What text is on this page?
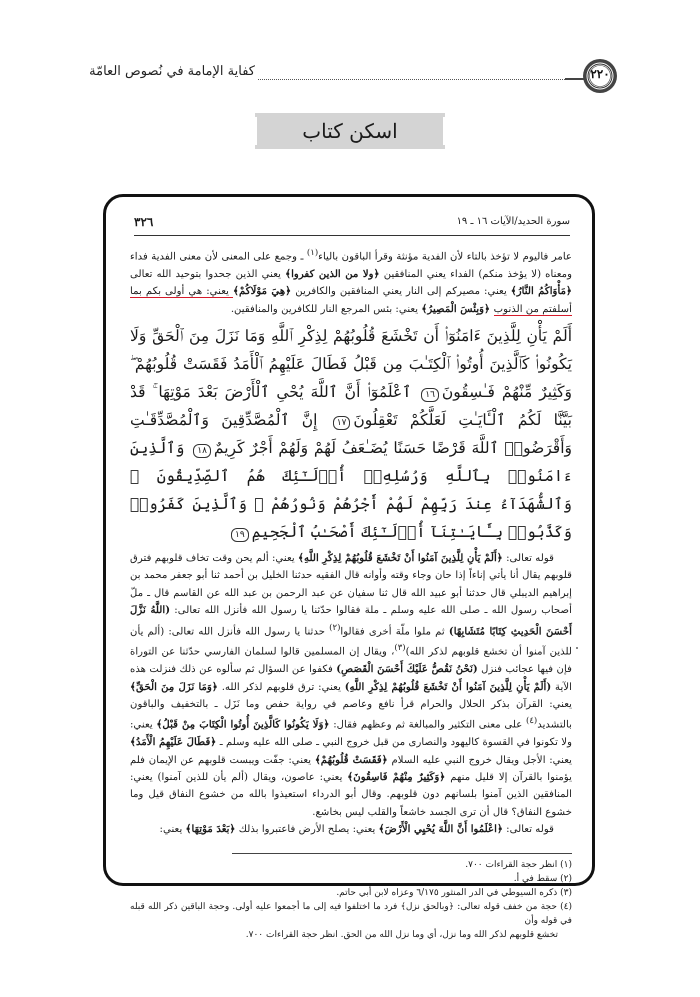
كفاية الإمامة في نُصوص العامّة	٢٢٠
اسكن كتاب
٣٢٦	سورة الحديد/الآيات ١٦ ـ ١٩

عامر فاليوم لا تؤخذ بالتاء لأن الفدية مؤنثة وقرأ الباقون بالياء$^{(١)}$ ـ وجمع على المعنى لأن معنى الفدية فداء ومعناه (لا يؤخذ منكم) الفداء يعني المنافقين ﴿ولا من الذين كفروا﴾ يعني الذين جحدوا بتوحيد الله تعالى ﴿مَأْوَاكُمُ النَّارُ﴾ يعني: مصيركم إلى النار يعني المنافقين والكافرين ﴿هِيَ مَوْلَاكُمْ﴾ يعني: هي أولى بكم بما أسلفتم من الذنوب ﴿وَبِئْسَ الْمَصِيرُ﴾ يعني: بئس المرجع النار للكافرين والمنافقين.

أَلَمْ يَأْنِ لِلَّذِينَ ءَامَنُوٓا۟ أَن تَخْشَعَ قُلُوبُهُمْ لِذِكْرِ ٱللَّهِ وَمَا نَزَلَ مِنَ ٱلْحَقِّ وَلَا يَكُونُوا۟ كَٱلَّذِينَ أُوتُوا۟ ٱلْكِتَـٰبَ مِن قَبْلُ فَطَالَ عَلَيْهِمُ ٱلْأَمَدُ فَقَسَتْ قُلُوبُهُمْ ۖ وَكَثِيرٌ مِّنْهُمْ فَـٰسِقُونَ١٦ ٱعْلَمُوٓا۟ أَنَّ ٱللَّهَ يُحْىِ ٱلْأَرْضَ بَعْدَ مَوْتِهَا ۚ قَدْ بَيَّنَّا لَكُمُ ٱلْـَٔايَـٰتِ لَعَلَّكُمْ تَعْقِلُونَ١٧ إِنَّ ٱلْمُصَّدِّقِينَ وَٱلْمُصَّدِّقَـٰتِ وَأَقْرَضُوا۟ ٱللَّهَ قَرْضًا حَسَنًا يُضَـٰعَفُ لَهُمْ وَلَهُمْ أَجْرٌ كَرِيمٌ١٨ وَٱلَّذِينَ ءَامَنُوا۟ بِٱللَّهِ وَرُسُلِهِۦٓ أُو۟لَـٰٓئِكَ هُمُ ٱلصِّدِّيقُونَ ۖ وَٱلشُّهَدَآءُ عِندَ رَبِّهِمْ لَهُمْ أَجْرُهُمْ وَنُورُهُمْ ۖ وَٱلَّذِينَ كَفَرُوا۟ وَكَذَّبُوا۟ بِـَٔايَـٰتِنَآ أُو۟لَـٰٓئِكَ أَصْحَـٰبُ ٱلْجَحِيمِ١٩

قوله تعالى: ﴿أَلَمْ يَأْنِ لِلَّذِينَ آمَنُوا أَنْ تَخْشَعَ قُلُوبُهُمْ لِذِكْرِ اللَّهِ﴾ يعني: ألم يحن وقت تخاف قلوبهم فترق قلوبهم يقال أنا يأتي إناءاً إذا حان وجاء وقته وأوانه قال الفقيه حدثنا الخليل بن أحمد ثنا أبو جعفر محمد بن إبراهيم الديبلي قال حدثنا أبو عبيد الله قال ثنا سفيان عن عبد الرحمن بن عبد الله عن القاسم قال ـ ملّ أصحاب رسول الله ـ صلى الله عليه وسلم ـ ملة فقالوا حدّثنا يا رسول الله فأنزل الله تعالى: (اللَّهُ نَزَّلَ أَحْسَنَ الْحَدِيثِ كِتَابًا مُتَشَابِهًا) ثم ملوا ملّة أخرى فقالوا$^{(٢)}$ حدثنا يا رسول الله فأنزل الله تعالى: (ألم يأن للذين آمنوا أن تخشع قلوبهم لذكر الله)$^{(٣)}$، ويقال إن المسلمين قالوا لسلمان الفارسي حدّثنا عن التوراة فإن فيها عجائب فنزل (نَحْنُ نَقُصُّ عَلَيْكَ أَحْسَنَ الْقَصَصِ) فكفوا عن السؤال ثم سألوه عن ذلك فنزلت هذه الآية (أَلَمْ يَأْنِ لِلَّذِينَ آمَنُوا أَنْ تَخْشَعَ قُلُوبُهُمْ لِذِكْرِ اللَّهِ) يعني: ترق قلوبهم لذكر الله. ﴿وَمَا نَزَلَ مِنَ الْحَقِّ﴾ يعني: القرآن بذكر الحلال والحرام قرأ نافع وعاصم في رواية حفص وما نَزَل ـ بالتخفيف والباقون بالتشديد$^{(٤)}$ على معنى التكثير والمبالغة ثم وعظهم فقال: ﴿وَلَا يَكُونُوا كَالَّذِينَ أُوتُوا الْكِتَابَ مِنْ قَبْلُ﴾ يعني: ولا تكونوا في القسوة كاليهود والنصارى من قبل خروج النبي ـ صلى الله عليه وسلم ـ ﴿فَطَالَ عَلَيْهِمُ الْأَمَدُ﴾ يعني: الأجل ويقال خروج النبي عليه السلام ﴿فَقَسَتْ قُلُوبُهُمْ﴾ يعني: جفّت ويبست قلوبهم عن الإيمان فلم يؤمنوا بالقرآن إلا قليل منهم ﴿وَكَثِيرٌ مِنْهُمْ فَاسِقُونَ﴾ يعني: عاصون، ويقال (ألم يأن للذين آمنوا) يعني: المنافقين الذين آمنوا بلسانهم دون قلوبهم. وقال أبو الدرداء استعيذوا بالله من خشوع النفاق قيل وما خشوع النفاق؟ قال أن ترى الجسد خاشعاً والقلب ليس بخاشع.

قوله تعالى: ﴿اعْلَمُوا أَنَّ اللَّهَ يُحْيِي الْأَرْضَ﴾ يعني: يصلح الأرض فاعتبروا بذلك ﴿بَعْدَ مَوْتِهَا﴾ يعني:

(١) انظر حجة القراءات ٧٠٠.

(٢) سقط في أ.

(٣) ذكره السيوطي في الدر المنثور ٦/١٧٥ وعزاه لابن أبي حاتم.

(٤) حجة من خفف قوله تعالى: ﴿وبالحق نزل﴾ فرد ما اختلفوا فيه إلى ما أجمعوا عليه أولى. وحجة الباقين ذكر الله قبله في قوله وأن

تخشع قلوبهم لذكر الله وما نزل، أي وما نزل الله من الحق. انظر حجة القراءات ٧٠٠.
